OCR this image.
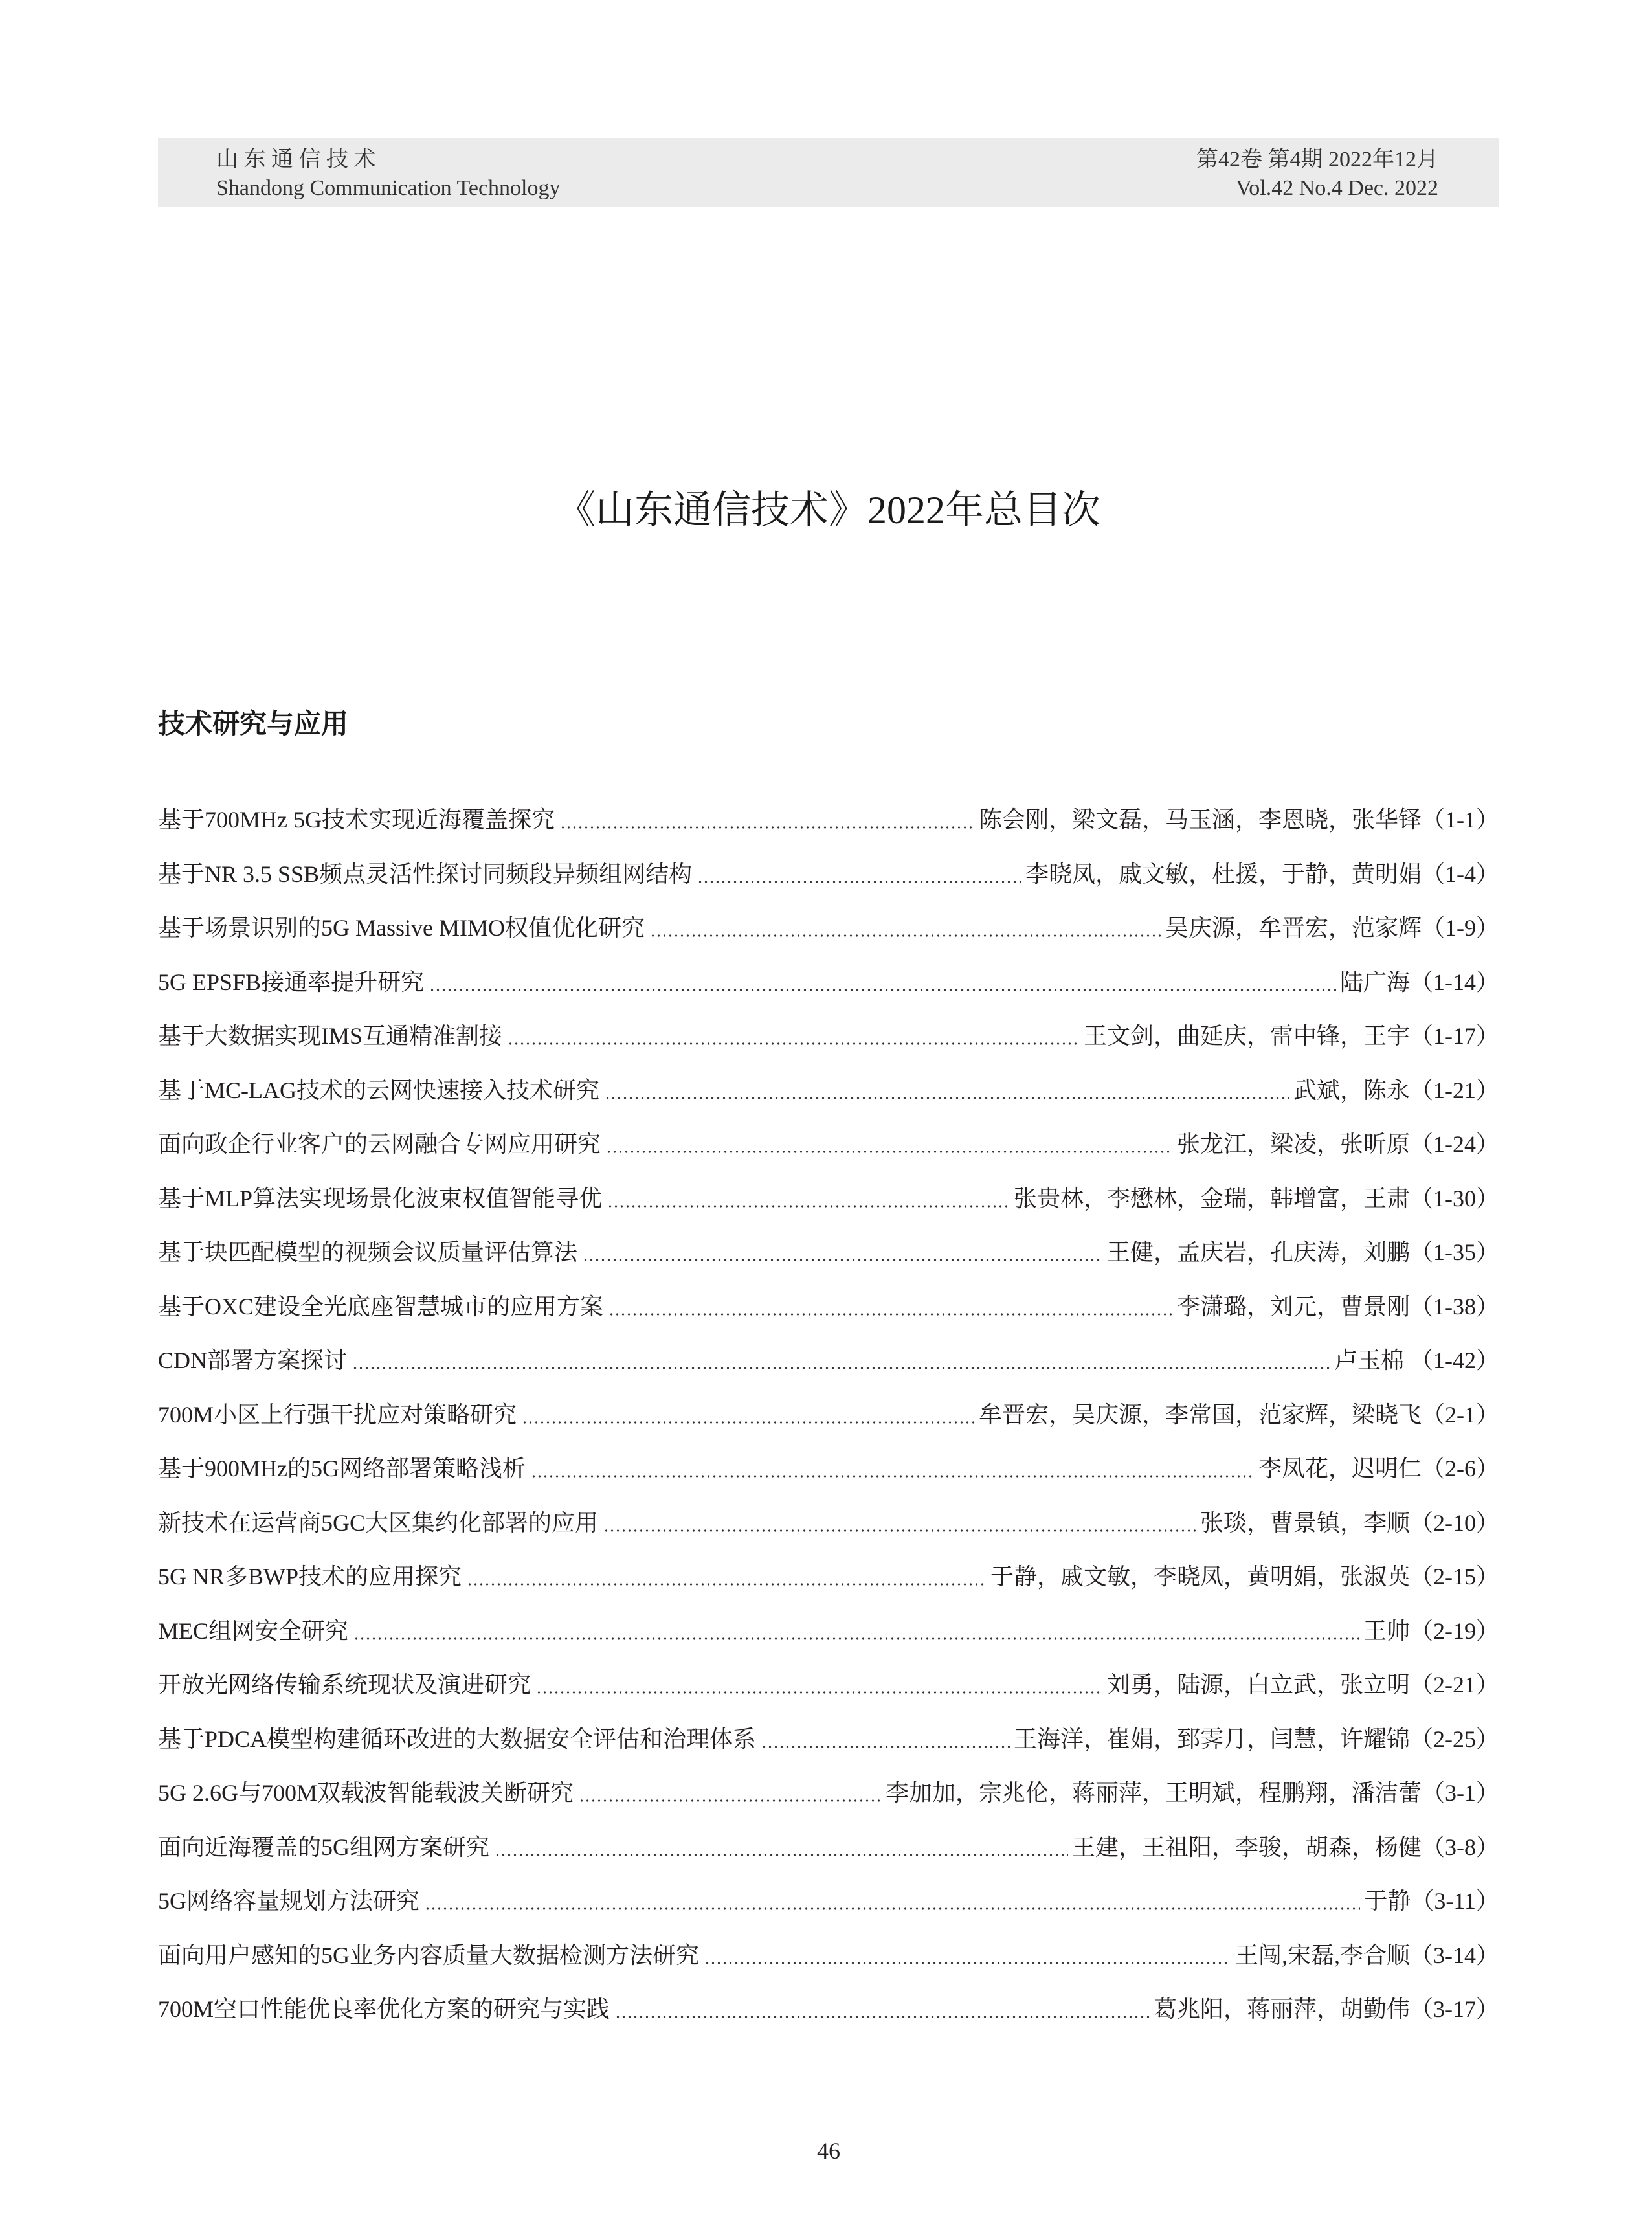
山 东 通 信 技 术
Shandong Communication Technology
第42卷 第4期 2022年12月
Vol.42 No.4 Dec. 2022
《山东通信技术》2022年总目次
技术研究与应用
基于700MHz 5G技术实现近海覆盖探究	陈会刚，梁文磊，马玉涵，李恩晓，张华铎 （1-1）
基于NR 3.5 SSB频点灵活性探讨同频段异频组网结构	李晓凤，戚文敏，杜援，于静，黄明娟 （1-4）
基于场景识别的5G Massive MIMO权值优化研究	吴庆源，牟晋宏，范家辉 （1-9）
5G EPSFB接通率提升研究	陆广海 （1-14）
基于大数据实现IMS互通精准割接	王文剑，曲延庆，雷中锋，王宇 （1-17）
基于MC-LAG技术的云网快速接入技术研究	武斌，陈永 （1-21）
面向政企行业客户的云网融合专网应用研究	张龙江，梁凌，张昕原 （1-24）
基于MLP算法实现场景化波束权值智能寻优	张贵林，李懋林，金瑞，韩增富，王肃 （1-30）
基于块匹配模型的视频会议质量评估算法	王健，孟庆岩，孔庆涛，刘鹏 （1-35）
基于OXC建设全光底座智慧城市的应用方案	李潇璐，刘元，曹景刚 （1-38）
CDN部署方案探讨	卢玉棉 （1-42）
700M小区上行强干扰应对策略研究	牟晋宏，吴庆源，李常国，范家辉，梁晓飞 （2-1）
基于900MHz的5G网络部署策略浅析	李凤花，迟明仁 （2-6）
新技术在运营商5GC大区集约化部署的应用	张琰，曹景镇，李顺 （2-10）
5G NR多BWP技术的应用探究	于静，戚文敏，李晓凤，黄明娟，张淑英 （2-15）
MEC组网安全研究	王帅 （2-19）
开放光网络传输系统现状及演进研究	刘勇，陆源，白立武，张立明 （2-21）
基于PDCA模型构建循环改进的大数据安全评估和治理体系	王海洋，崔娟，郅霁月，闫慧，许耀锦 （2-25）
5G 2.6G与700M双载波智能载波关断研究	李加加，宗兆伦，蒋丽萍，王明斌，程鹏翔，潘洁蕾 （3-1）
面向近海覆盖的5G组网方案研究	王建，王祖阳，李骏，胡森，杨健 （3-8）
5G网络容量规划方法研究	于静 （3-11）
面向用户感知的5G业务内容质量大数据检测方法研究	王闯,宋磊,李合顺 （3-14）
700M空口性能优良率优化方案的研究与实践	葛兆阳，蒋丽萍，胡勤伟 （3-17）
46
